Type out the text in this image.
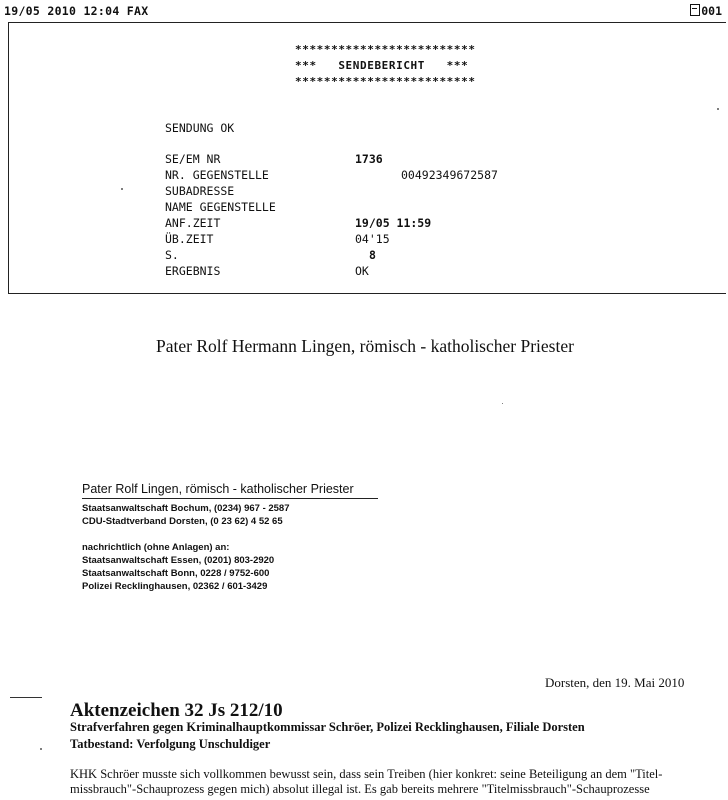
19/05 2010 12:04 FAX	001
*************************
***   SENDEBERICHT   ***
*************************
SENDUNG OK
SE/EM NR	1736
NR. GEGENSTELLE	00492349672587
SUBADRESSE
NAME GEGENSTELLE
ANF.ZEIT	19/05 11:59
ÜB.ZEIT	04'15
S.	8
ERGEBNIS	OK
Pater Rolf Hermann Lingen, römisch - katholischer Priester
Pater Rolf Lingen, römisch - katholischer Priester
Staatsanwaltschaft Bochum, (0234) 967 - 2587
CDU-Stadtverband Dorsten, (0 23 62) 4 52 65
nachrichtlich (ohne Anlagen) an:
Staatsanwaltschaft Essen, (0201) 803-2920
Staatsanwaltschaft Bonn, 0228 / 9752-600
Polizei Recklinghausen, 02362 / 601-3429
Dorsten, den 19. Mai 2010
Aktenzeichen 32 Js 212/10
Strafverfahren gegen Kriminalhauptkommissar Schröer, Polizei Recklinghausen, Filiale Dorsten
Tatbestand: Verfolgung Unschuldiger
KHK Schröer musste sich vollkommen bewusst sein, dass sein Treiben (hier konkret: seine Beteiligung an dem "Titel-
missbrauch"-Schauprozess gegen mich) absolut illegal ist. Es gab bereits mehrere "Titelmissbrauch"-Schauprozesse
